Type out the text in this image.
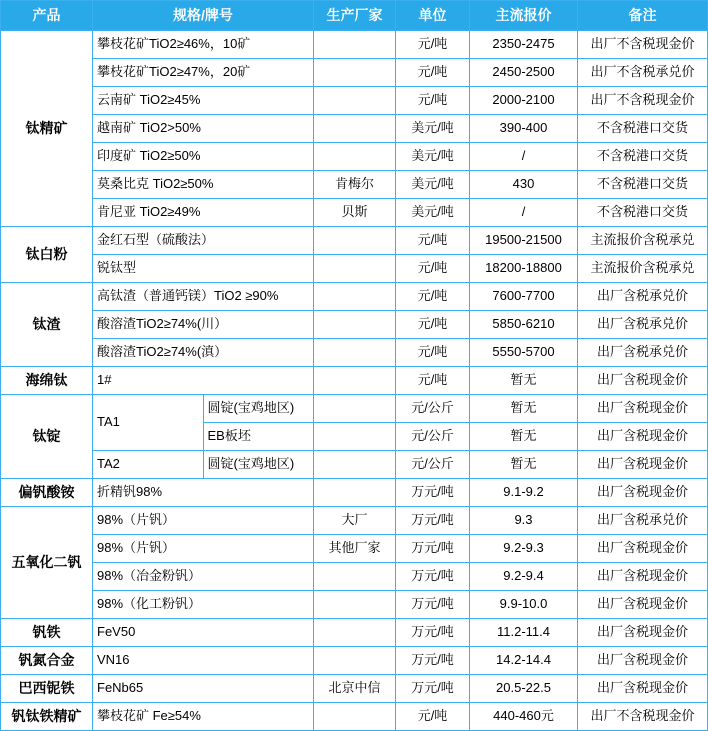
产品	规格/牌号		生产厂家	单位	主流报价	备注
钛精矿	攀枝花矿TiO2≥46%，10矿			元/吨	2350-2475	出厂不含税现金价
	攀枝花矿TiO2≥47%，20矿			元/吨	2450-2500	出厂不含税承兑价
	云南矿 TiO2≥45%			元/吨	2000-2100	出厂不含税现金价
	越南矿 TiO2>50%			美元/吨	390-400	不含税港口交货
	印度矿 TiO2≥50%			美元/吨	/	不含税港口交货
	莫桑比克 TiO2≥50%		肯梅尔	美元/吨	430	不含税港口交货
	肯尼亚 TiO2≥49%		贝斯	美元/吨	/	不含税港口交货
钛白粉	金红石型（硫酸法）			元/吨	19500-21500	主流报价含税承兑
	锐钛型			元/吨	18200-18800	主流报价含税承兑
钛渣	高钛渣（普通钙镁）TiO2 ≥90%			元/吨	7600-7700	出厂含税承兑价
	酸溶渣TiO2≥74%(川）			元/吨	5850-6210	出厂含税承兑价
	酸溶渣TiO2≥74%(滇）			元/吨	5550-5700	出厂含税承兑价
海绵钛	1#			元/吨	暂无	出厂含税现金价
钛锭	TA1	圆锭(宝鸡地区)		元/公斤	暂无	出厂含税现金价
		EB板坯		元/公斤	暂无	出厂含税现金价
	TA2	圆锭(宝鸡地区)		元/公斤	暂无	出厂含税现金价
偏钒酸铵	折精钒98%			万元/吨	9.1-9.2	出厂含税现金价
五氧化二钒	98%（片钒）		大厂	万元/吨	9.3	出厂含税承兑价
	98%（片钒）		其他厂家	万元/吨	9.2-9.3	出厂含税现金价
	98%（冶金粉钒）			万元/吨	9.2-9.4	出厂含税现金价
	98%（化工粉钒）			万元/吨	9.9-10.0	出厂含税现金价
钒铁	FeV50			万元/吨	11.2-11.4	出厂含税现金价
钒氮合金	VN16			万元/吨	14.2-14.4	出厂含税现金价
巴西铌铁	FeNb65		北京中信	万元/吨	20.5-22.5	出厂含税现金价
钒钛铁精矿	攀枝花矿 Fe≥54%			元/吨	440-460元	出厂不含税现金价
